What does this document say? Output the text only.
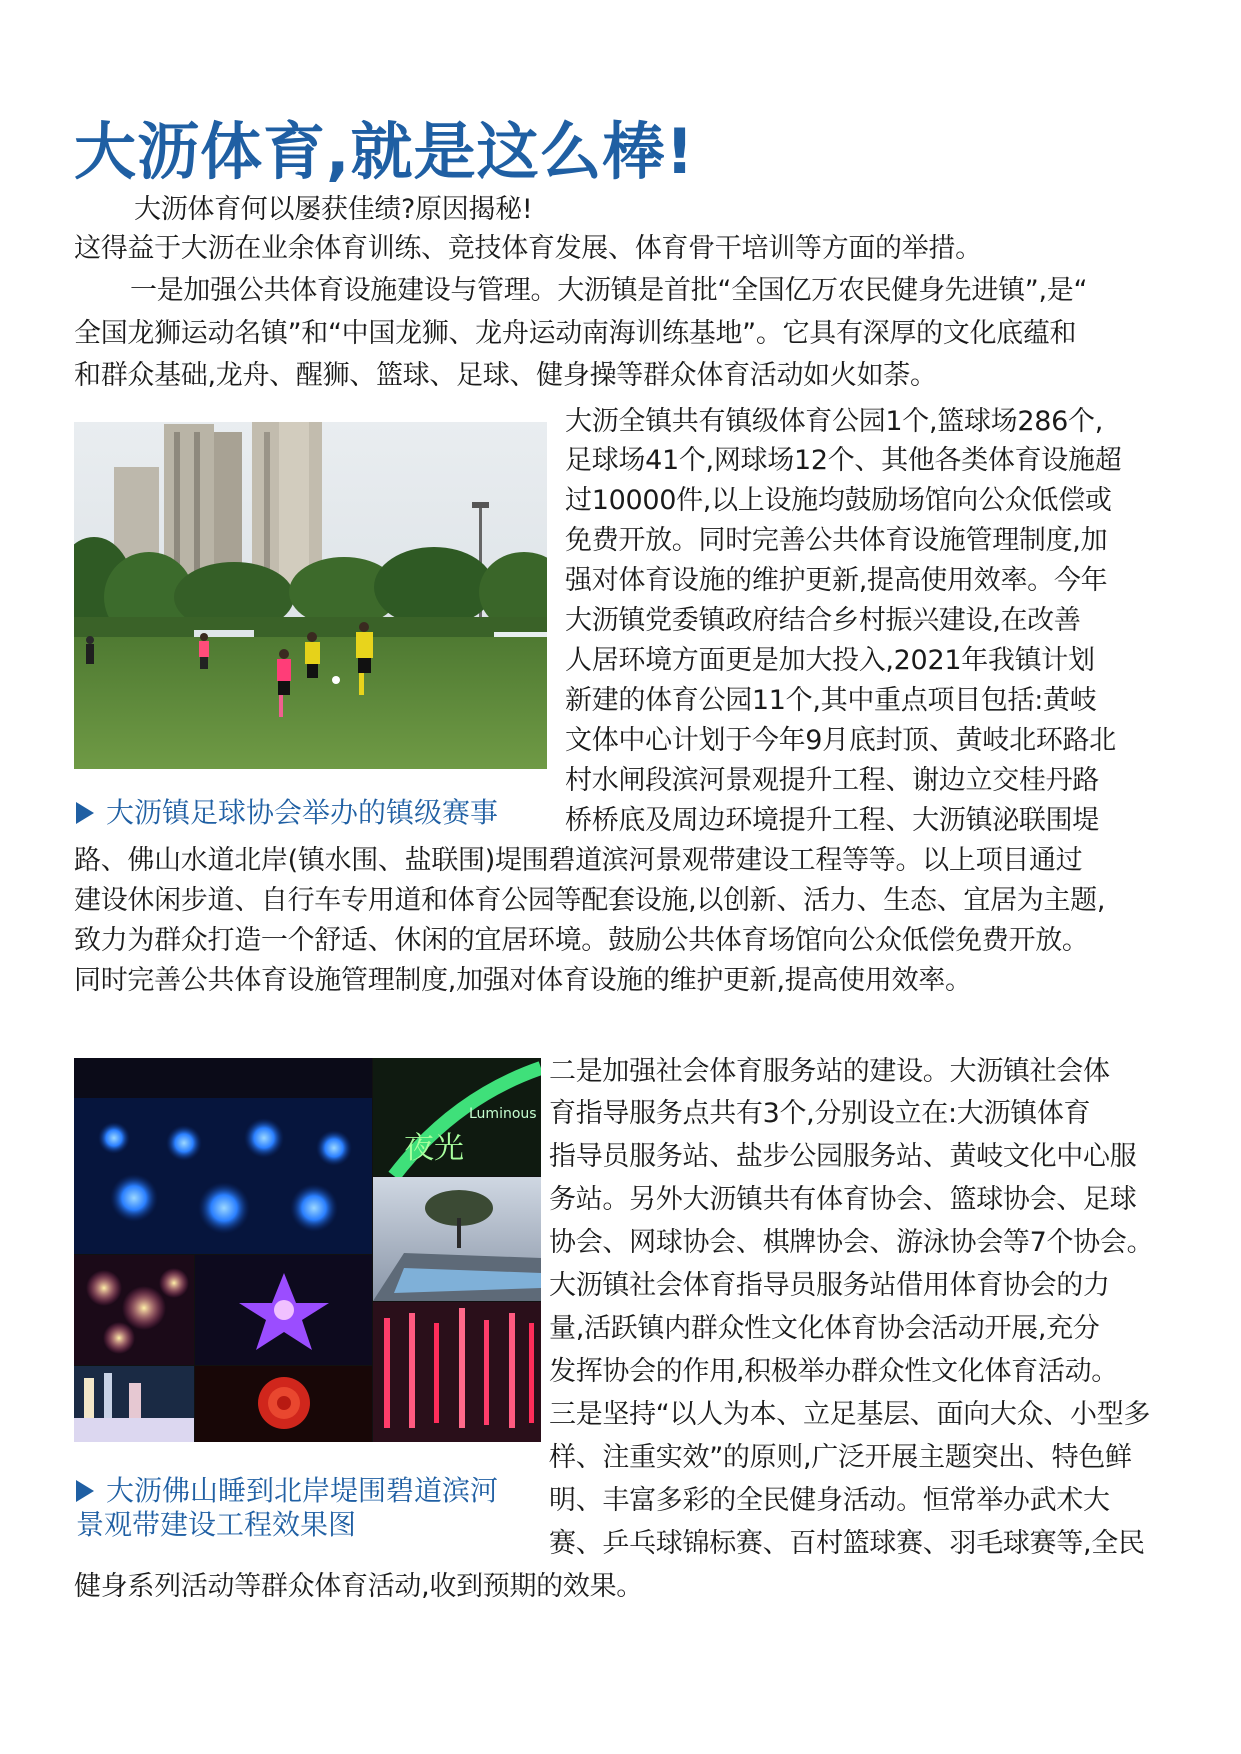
大沥体育,就是这么棒!
大沥体育何以屡获佳绩?原因揭秘!
这得益于大沥在业余体育训练、竞技体育发展、体育骨干培训等方面的举措。
一是加强公共体育设施建设与管理。大沥镇是首批“全国亿万农民健身先进镇”,是“
全国龙狮运动名镇”和“中国龙狮、龙舟运动南海训练基地”。它具有深厚的文化底蕴和
和群众基础,龙舟、醒狮、篮球、足球、健身操等群众体育活动如火如荼。
大沥全镇共有镇级体育公园1个,篮球场286个,
足球场41个,网球场12个、其他各类体育设施超
过10000件,以上设施均鼓励场馆向公众低偿或
免费开放。同时完善公共体育设施管理制度,加
强对体育设施的维护更新,提高使用效率。今年
大沥镇党委镇政府结合乡村振兴建设,在改善
人居环境方面更是加大投入,2021年我镇计划
新建的体育公园11个,其中重点项目包括:黄岐
文体中心计划于今年9月底封顶、黄岐北环路北
村水闸段滨河景观提升工程、谢边立交桂丹路
桥桥底及周边环境提升工程、大沥镇泌联围堤
路、佛山水道北岸(镇水围、盐联围)堤围碧道滨河景观带建设工程等等。以上项目通过
建设休闲步道、自行车专用道和体育公园等配套设施,以创新、活力、生态、宜居为主题,
致力为群众打造一个舒适、休闲的宜居环境。鼓励公共体育场馆向公众低偿免费开放。
同时完善公共体育设施管理制度,加强对体育设施的维护更新,提高使用效率。
二是加强社会体育服务站的建设。大沥镇社会体
育指导服务点共有3个,分别设立在:大沥镇体育
指导员服务站、盐步公园服务站、黄岐文化中心服
务站。另外大沥镇共有体育协会、篮球协会、足球
协会、网球协会、棋牌协会、游泳协会等7个协会。
大沥镇社会体育指导员服务站借用体育协会的力
量,活跃镇内群众性文化体育协会活动开展,充分
发挥协会的作用,积极举办群众性文化体育活动。
三是坚持“以人为本、立足基层、面向大众、小型多
样、注重实效”的原则,广泛开展主题突出、特色鲜
明、丰富多彩的全民健身活动。恒常举办武术大
赛、乒乓球锦标赛、百村篮球赛、羽毛球赛等,全民
健身系列活动等群众体育活动,收到预期的效果。
大沥镇足球协会举办的镇级赛事
夜光
Luminous
大沥佛山睡到北岸堤围碧道滨河
景观带建设工程效果图
